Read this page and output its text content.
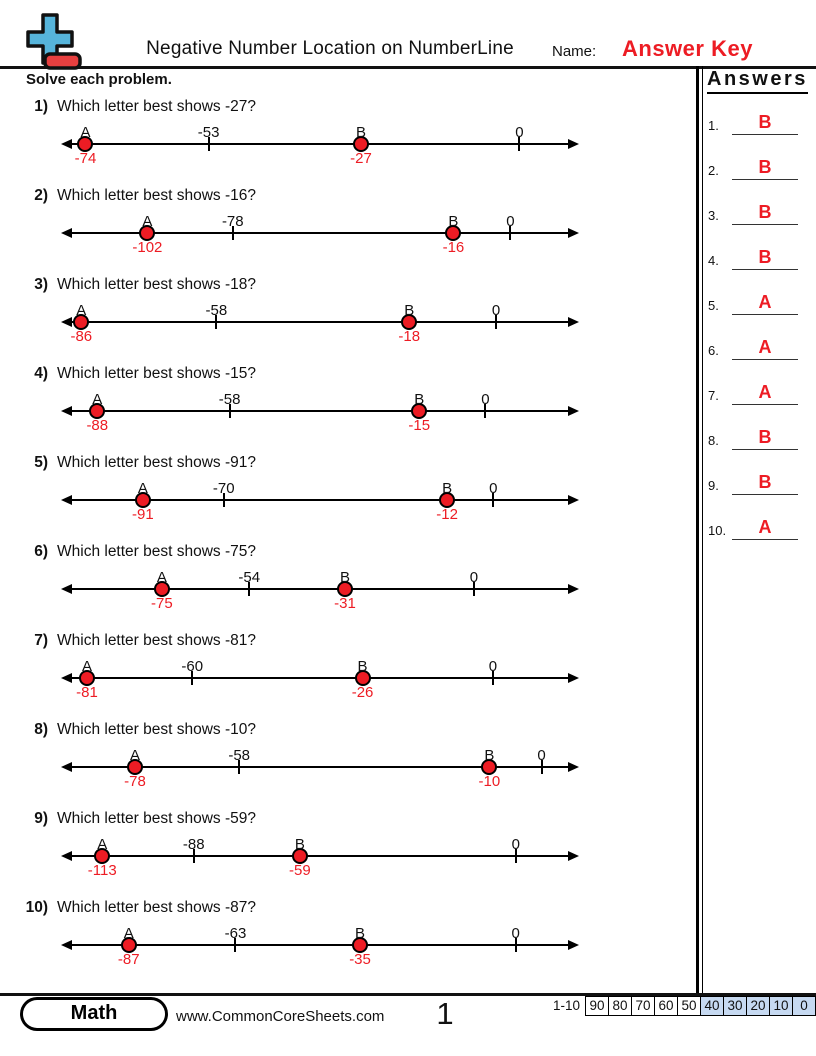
Negative Number Location on NumberLine	Name: Answer Key
Solve each problem.
1) Which letter best shows -27?
-53	0
A
-74
B
-27
2) Which letter best shows -16?
-78	0
A
-102
B
-16
3) Which letter best shows -18?
-58	0
A
-86
B
-18
4) Which letter best shows -15?
-58	0
A
-88
B
-15
5) Which letter best shows -91?
-70	0
A
-91
B
-12
6) Which letter best shows -75?
-54	0
A
-75
B
-31
7) Which letter best shows -81?
-60	0
A
-81
B
-26
8) Which letter best shows -10?
-58	0
A
-78
B
-10
9) Which letter best shows -59?
-88	0
A
-113
B
-59
10) Which letter best shows -87?
-63	0
A
-87
B
-35
Answers
1.	B
2.	B
3.	B
4.	B
5.	A
6.	A
7.	A
8.	B
9.	B
10.	A
Math	www.CommonCoreSheets.com	1	1-10 90 80 70 60 50 40 30 20 10 0
